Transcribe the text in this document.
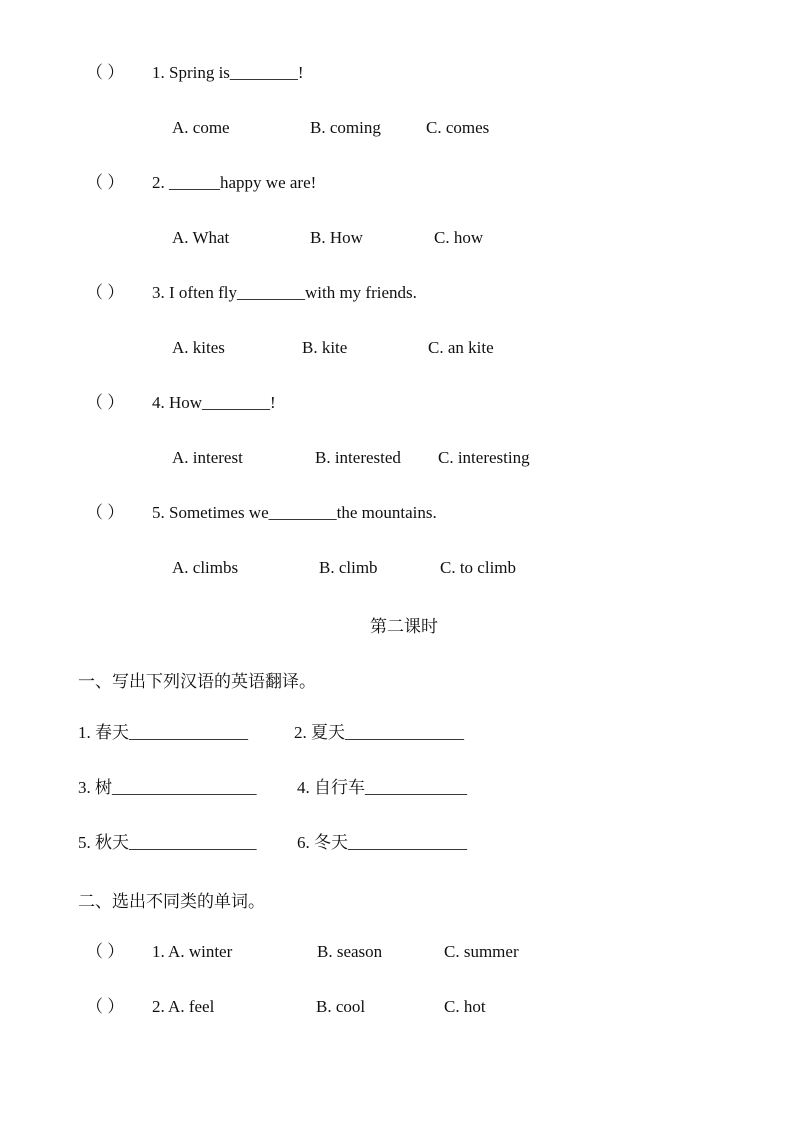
（ ） 1. Spring is________!
A. come	B. coming	C. comes
（ ） 2. ______happy we are!
A. What	B. How	C. how
（ ） 3. I often fly________with my friends.
A. kites	B. kite	C. an kite
（ ） 4. How________!
A. interest	B. interested C. interesting
（ ） 5. Sometimes we________the mountains.
A. climbs	B. climb	C. to climb
第二课时
一、写出下列汉语的英语翻译。
1. 春天______________	2. 夏天______________
3. 树_________________ 4. 自行车____________
5. 秋天_______________ 6. 冬天______________
二、选出不同类的单词。
（ ） 1. A. winter	B. season	C. summer
（ ） 2. A. feel	B. cool	C. hot
